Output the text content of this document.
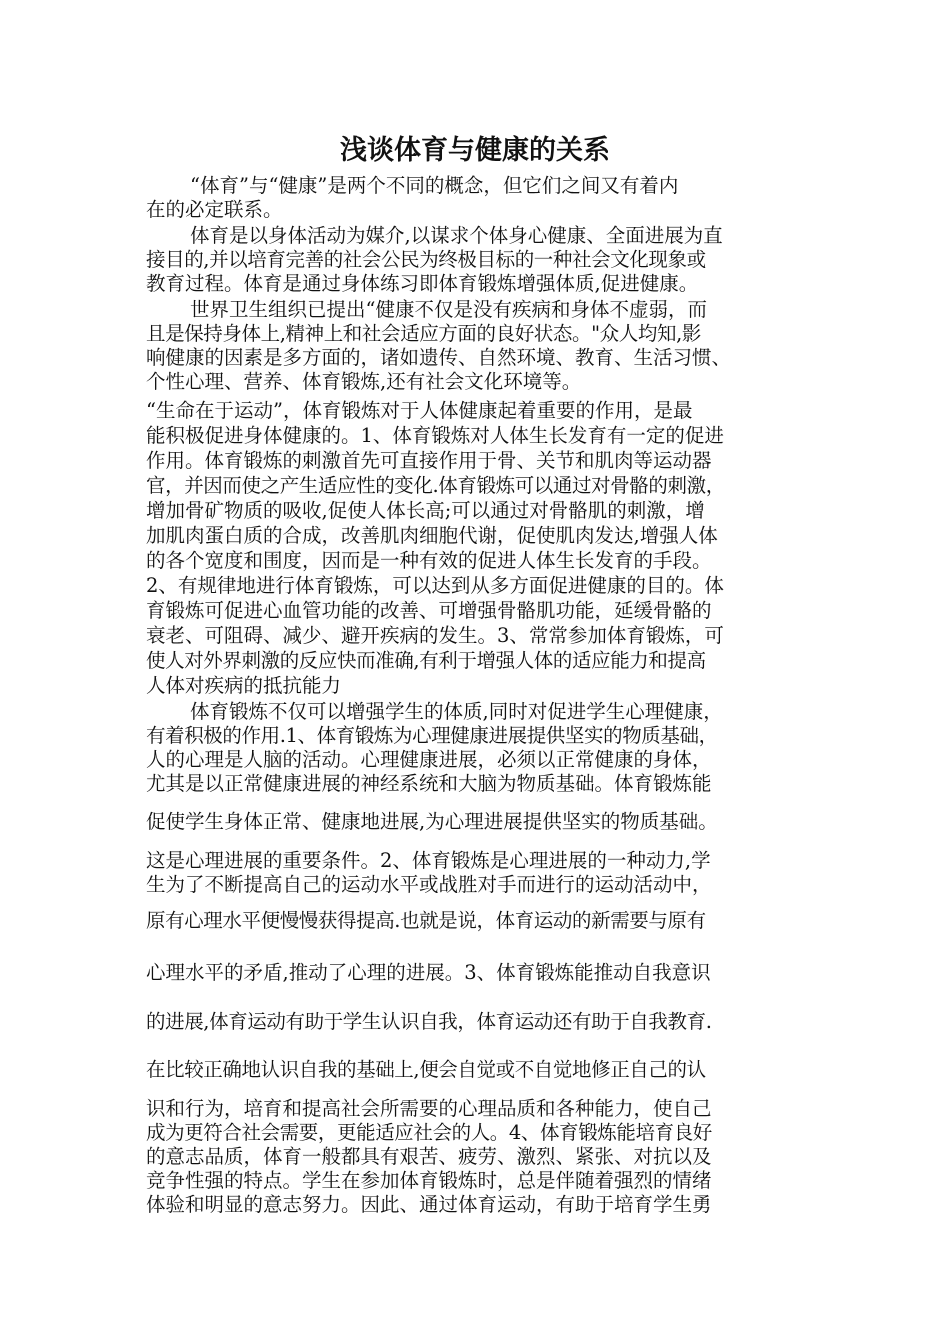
浅谈体育与健康的关系
“体育”与“健康”是两个不同的概念，但它们之间又有着内
在的必定联系。
体育是以身体活动为媒介,以谋求个体身心健康、全面进展为直
接目的,并以培育完善的社会公民为终极目标的一种社会文化现象或
教育过程。体育是通过身体练习即体育锻炼增强体质,促进健康。
世界卫生组织已提出“健康不仅是没有疾病和身体不虚弱，而
且是保持身体上,精神上和社会适应方面的良好状态。"众人均知,影
响健康的因素是多方面的，诸如遗传、自然环境、教育、生活习惯、
个性心理、营养、体育锻炼,还有社会文化环境等。
“生命在于运动”，体育锻炼对于人体健康起着重要的作用，是最
能积极促进身体健康的。1、体育锻炼对人体生长发育有一定的促进
作用。体育锻炼的刺激首先可直接作用于骨、关节和肌肉等运动器
官，并因而使之产生适应性的变化.体育锻炼可以通过对骨骼的刺激，
增加骨矿物质的吸收,促使人体长高;可以通过对骨骼肌的刺激，增
加肌肉蛋白质的合成，改善肌肉细胞代谢，促使肌肉发达,增强人体
的各个宽度和围度，因而是一种有效的促进人体生长发育的手段。
2、有规律地进行体育锻炼，可以达到从多方面促进健康的目的。体
育锻炼可促进心血管功能的改善、可增强骨骼肌功能，延缓骨骼的
衰老、可阻碍、减少、避开疾病的发生。3、常常参加体育锻炼，可
使人对外界刺激的反应快而准确,有利于增强人体的适应能力和提高
人体对疾病的抵抗能力
体育锻炼不仅可以增强学生的体质,同时对促进学生心理健康，
有着积极的作用.1、体育锻炼为心理健康进展提供坚实的物质基础，
人的心理是人脑的活动。心理健康进展，必须以正常健康的身体，
尤其是以正常健康进展的神经系统和大脑为物质基础。体育锻炼能
促使学生身体正常、健康地进展,为心理进展提供坚实的物质基础。
这是心理进展的重要条件。2、体育锻炼是心理进展的一种动力,学
生为了不断提高自己的运动水平或战胜对手而进行的运动活动中，
原有心理水平便慢慢获得提高.也就是说，体育运动的新需要与原有
心理水平的矛盾,推动了心理的进展。3、体育锻炼能推动自我意识
的进展,体育运动有助于学生认识自我，体育运动还有助于自我教育.
在比较正确地认识自我的基础上,便会自觉或不自觉地修正自己的认
识和行为，培育和提高社会所需要的心理品质和各种能力，使自己
成为更符合社会需要，更能适应社会的人。4、体育锻炼能培育良好
的意志品质，体育一般都具有艰苦、疲劳、激烈、紧张、对抗以及
竞争性强的特点。学生在参加体育锻炼时，总是伴随着强烈的情绪
体验和明显的意志努力。因此、通过体育运动，有助于培育学生勇
